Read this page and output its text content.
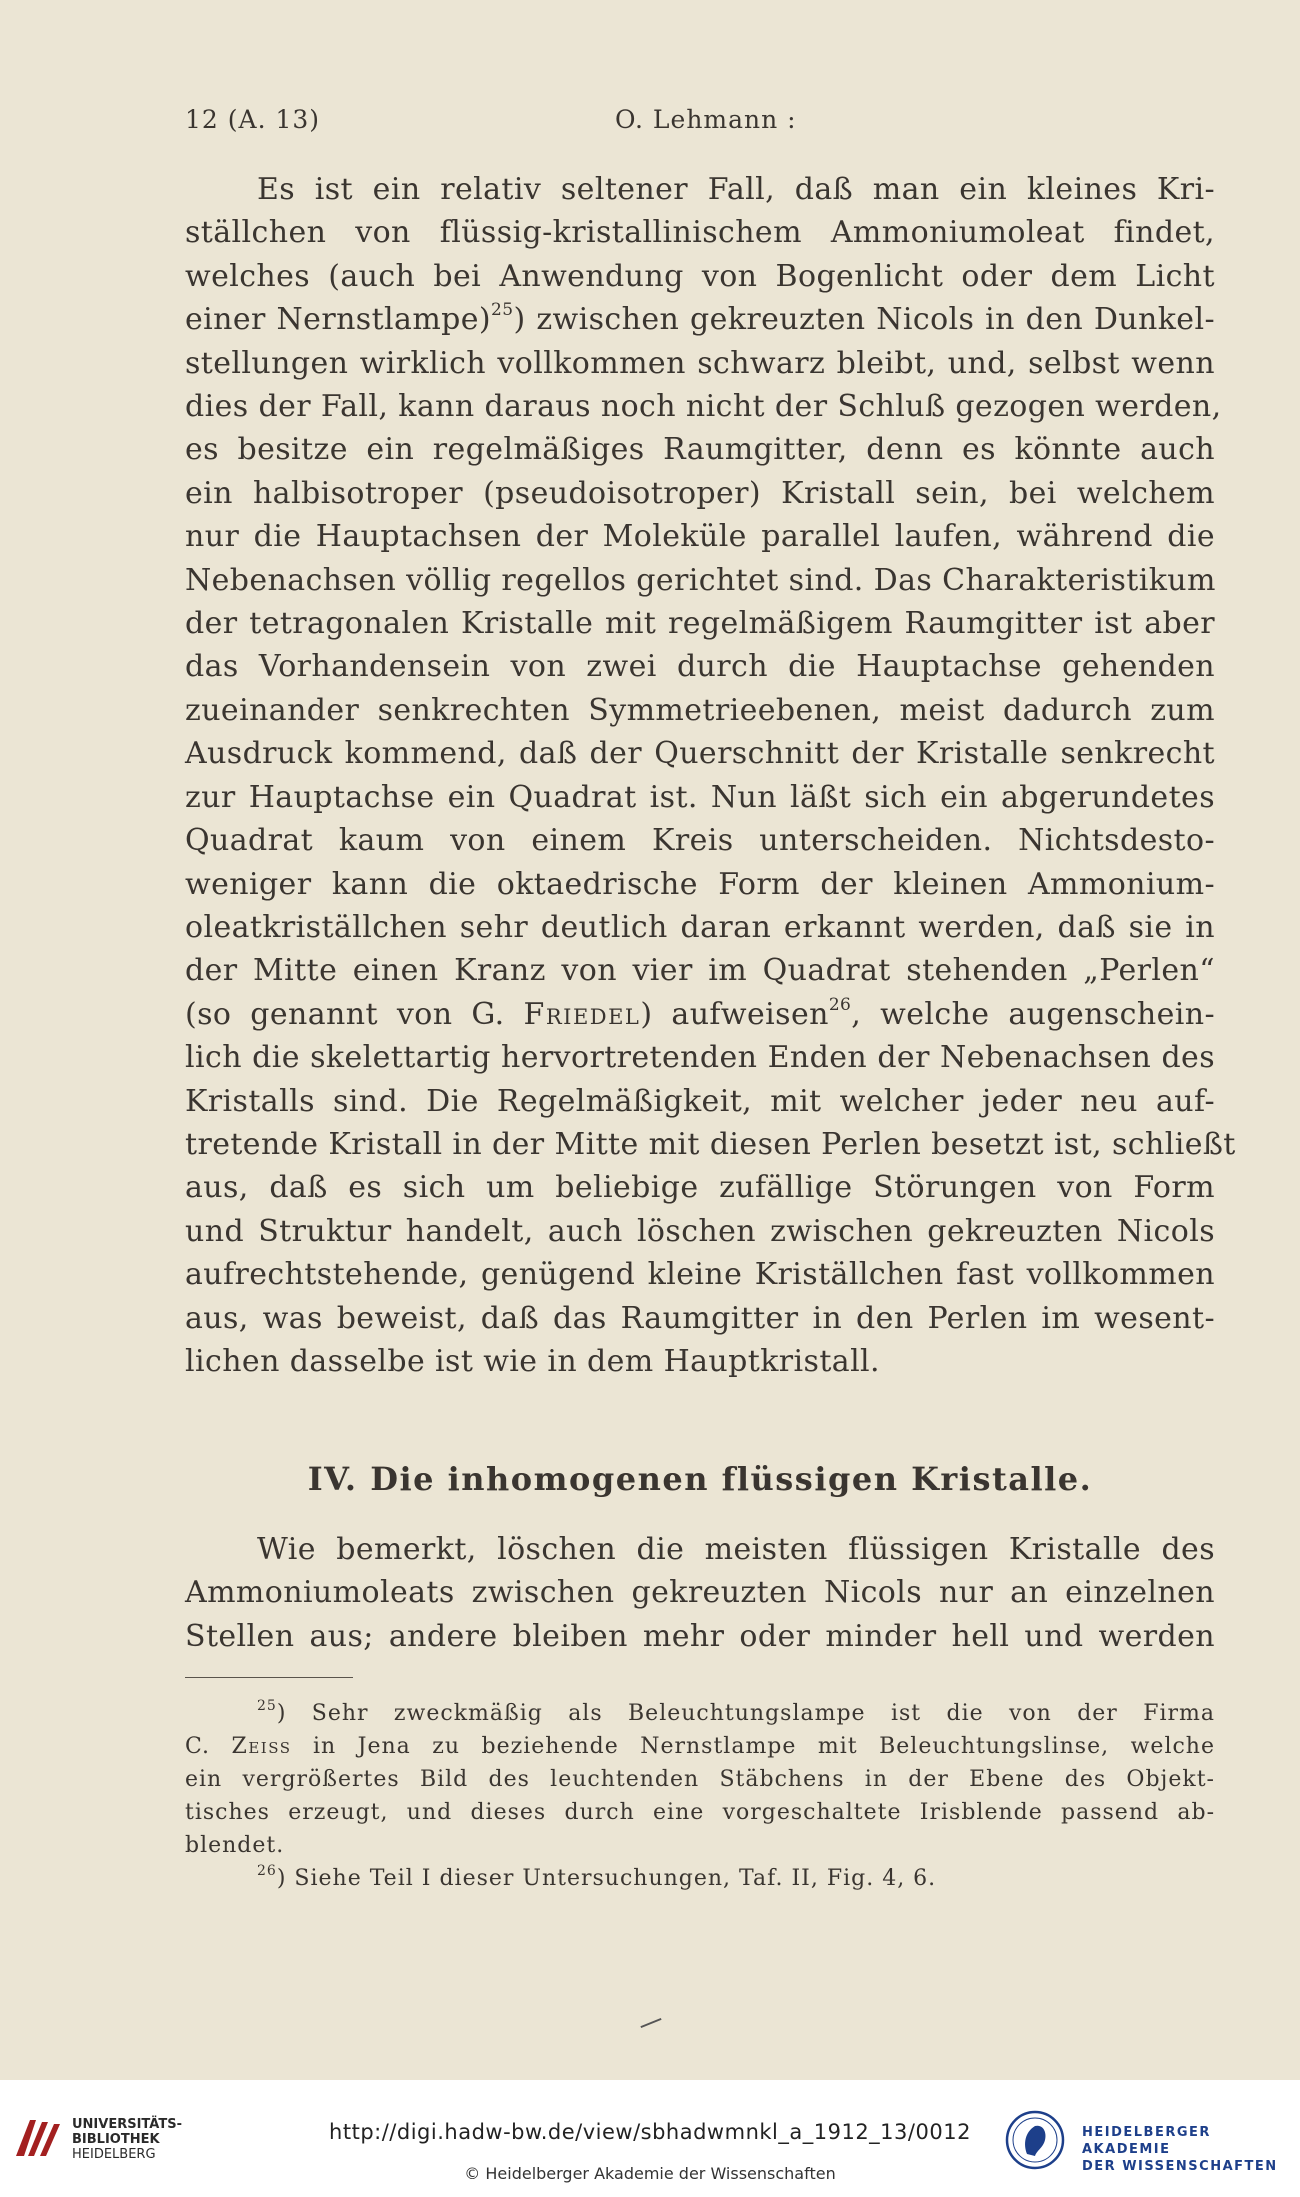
12 (A. 13)	O. Lehmann :
Es ist ein relativ seltener Fall, daß man ein kleines Kri-
ställchen von flüssig-kristallinischem Ammoniumoleat findet,
welches (auch bei Anwendung von Bogenlicht oder dem Licht
einer Nernstlampe)$^{25}$) zwischen gekreuzten Nicols in den Dunkel-
stellungen wirklich vollkommen schwarz bleibt, und, selbst wenn
dies der Fall, kann daraus noch nicht der Schluß gezogen werden,
es besitze ein regelmäßiges Raumgitter, denn es könnte auch
ein halbisotroper (pseudoisotroper) Kristall sein, bei welchem
nur die Hauptachsen der Moleküle parallel laufen, während die
Nebenachsen völlig regellos gerichtet sind. Das Charakteristikum
der tetragonalen Kristalle mit regelmäßigem Raumgitter ist aber
das Vorhandensein von zwei durch die Hauptachse gehenden
zueinander senkrechten Symmetrieebenen, meist dadurch zum
Ausdruck kommend, daß der Querschnitt der Kristalle senkrecht
zur Hauptachse ein Quadrat ist. Nun läßt sich ein abgerundetes
Quadrat kaum von einem Kreis unterscheiden. Nichtsdesto-
weniger kann die oktaedrische Form der kleinen Ammonium-
oleatkriställchen sehr deutlich daran erkannt werden, daß sie in
der Mitte einen Kranz von vier im Quadrat stehenden „Perlen“
(so genannt von G. Friedel) aufweisen$^{26}$, welche augenschein-
lich die skelettartig hervortretenden Enden der Nebenachsen des
Kristalls sind. Die Regelmäßigkeit, mit welcher jeder neu auf-
tretende Kristall in der Mitte mit diesen Perlen besetzt ist, schließt
aus, daß es sich um beliebige zufällige Störungen von Form
und Struktur handelt, auch löschen zwischen gekreuzten Nicols
aufrechtstehende, genügend kleine Kriställchen fast vollkommen
aus, was beweist, daß das Raumgitter in den Perlen im wesent-
lichen dasselbe ist wie in dem Hauptkristall.
IV. Die inhomogenen flüssigen Kristalle.
Wie bemerkt, löschen die meisten flüssigen Kristalle des
Ammoniumoleats zwischen gekreuzten Nicols nur an einzelnen
Stellen aus; andere bleiben mehr oder minder hell und werden
$^{25}$) Sehr zweckmäßig als Beleuchtungslampe ist die von der Firma
C. Zeiss in Jena zu beziehende Nernstlampe mit Beleuchtungslinse, welche
ein vergrößertes Bild des leuchtenden Stäbchens in der Ebene des Objekt-
tisches erzeugt, und dieses durch eine vorgeschaltete Irisblende passend ab-
blendet.
$^{26}$) Siehe Teil I dieser Untersuchungen, Taf. II, Fig. 4, 6.
UNIVERSITÄTS-
BIBLIOTHEK
HEIDELBERG
http://digi.hadw-bw.de/view/sbhadwmnkl_a_1912_13/0012
© Heidelberger Akademie der Wissenschaften
HEIDELBERGER AKADEMIE
DER WISSENSCHAFTEN
